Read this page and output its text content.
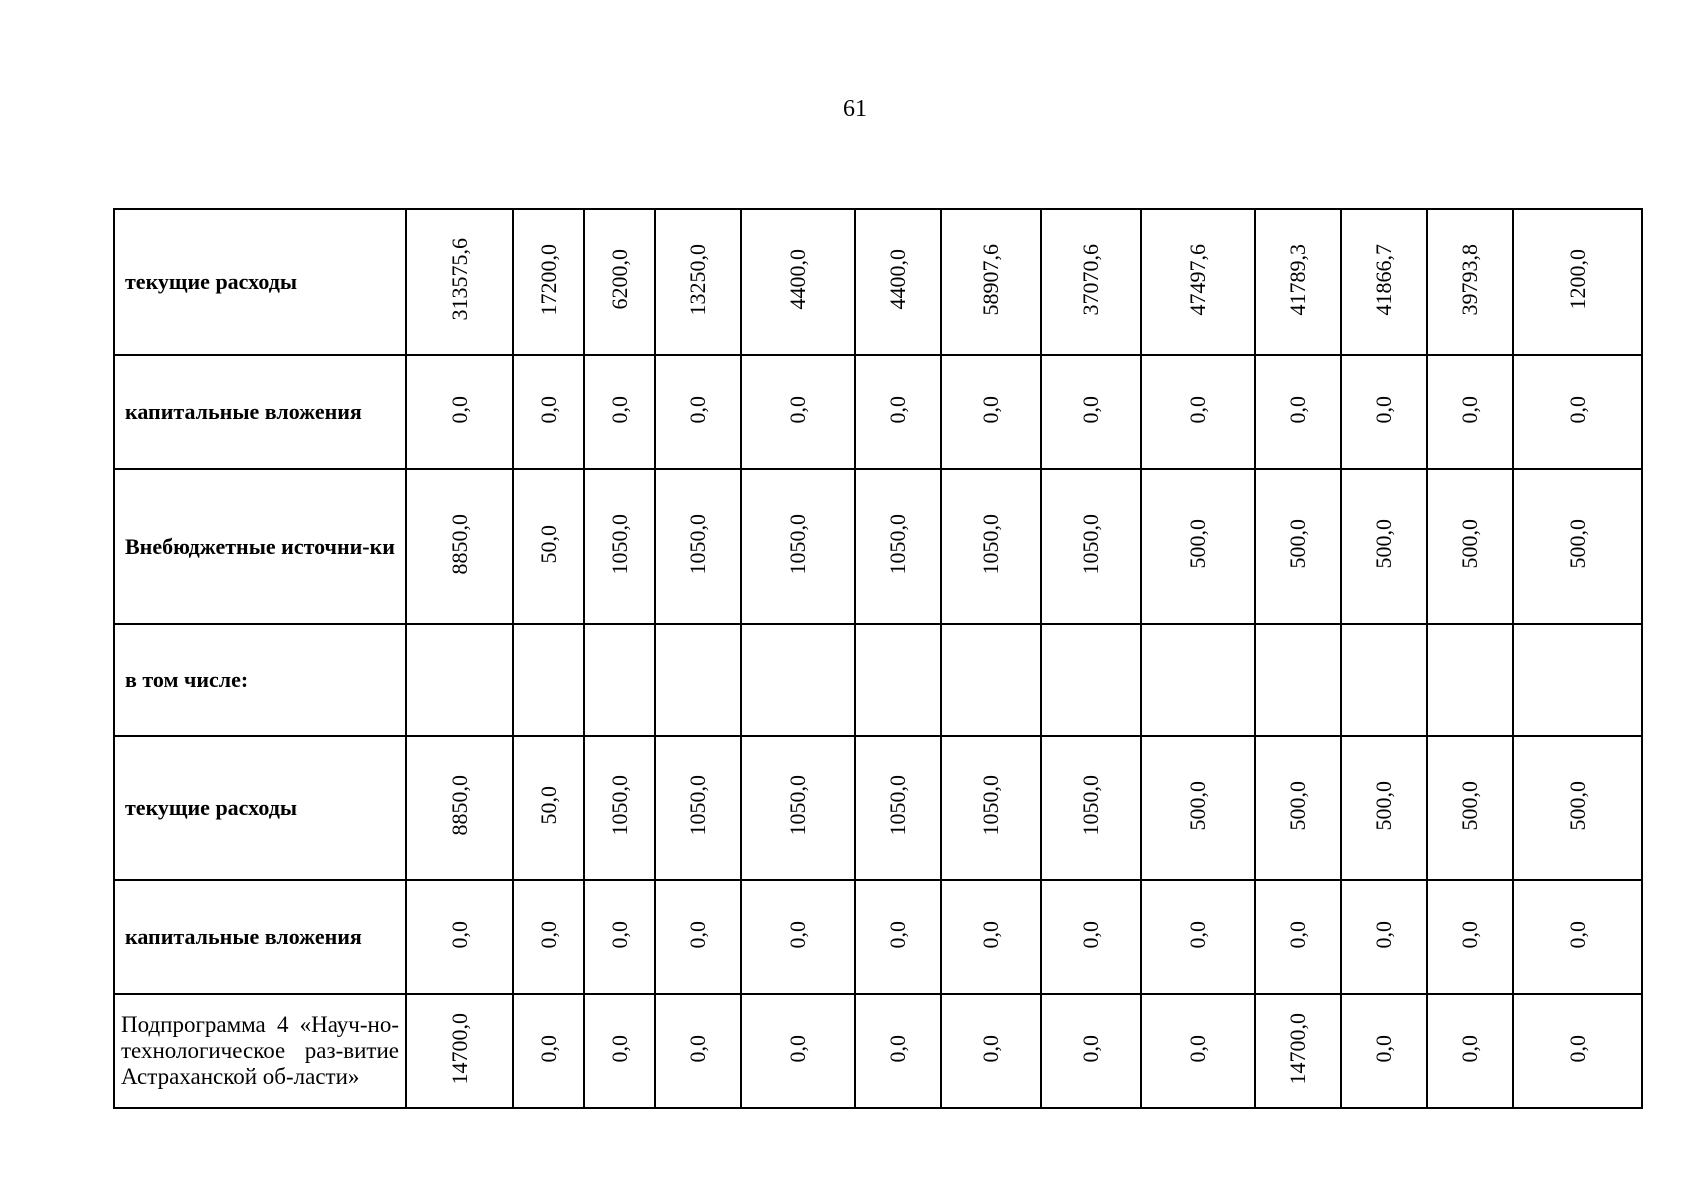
61
текущие расходы	313575,6	17200,0	6200,0	13250,0	4400,0	4400,0	58907,6	37070,6	47497,6	41789,3	41866,7	39793,8	1200,0
капитальные вложения	0,0	0,0	0,0	0,0	0,0	0,0	0,0	0,0	0,0	0,0	0,0	0,0	0,0
Внебюджетные источни-ки	8850,0	50,0	1050,0	1050,0	1050,0	1050,0	1050,0	1050,0	500,0	500,0	500,0	500,0	500,0
в том числе:													
текущие расходы	8850,0	50,0	1050,0	1050,0	1050,0	1050,0	1050,0	1050,0	500,0	500,0	500,0	500,0	500,0
капитальные вложения	0,0	0,0	0,0	0,0	0,0	0,0	0,0	0,0	0,0	0,0	0,0	0,0	0,0
Подпрограмма 4 «Науч-но-технологическое раз-витие Астраханской об-ласти»	14700,0	0,0	0,0	0,0	0,0	0,0	0,0	0,0	0,0	14700,0	0,0	0,0	0,0
